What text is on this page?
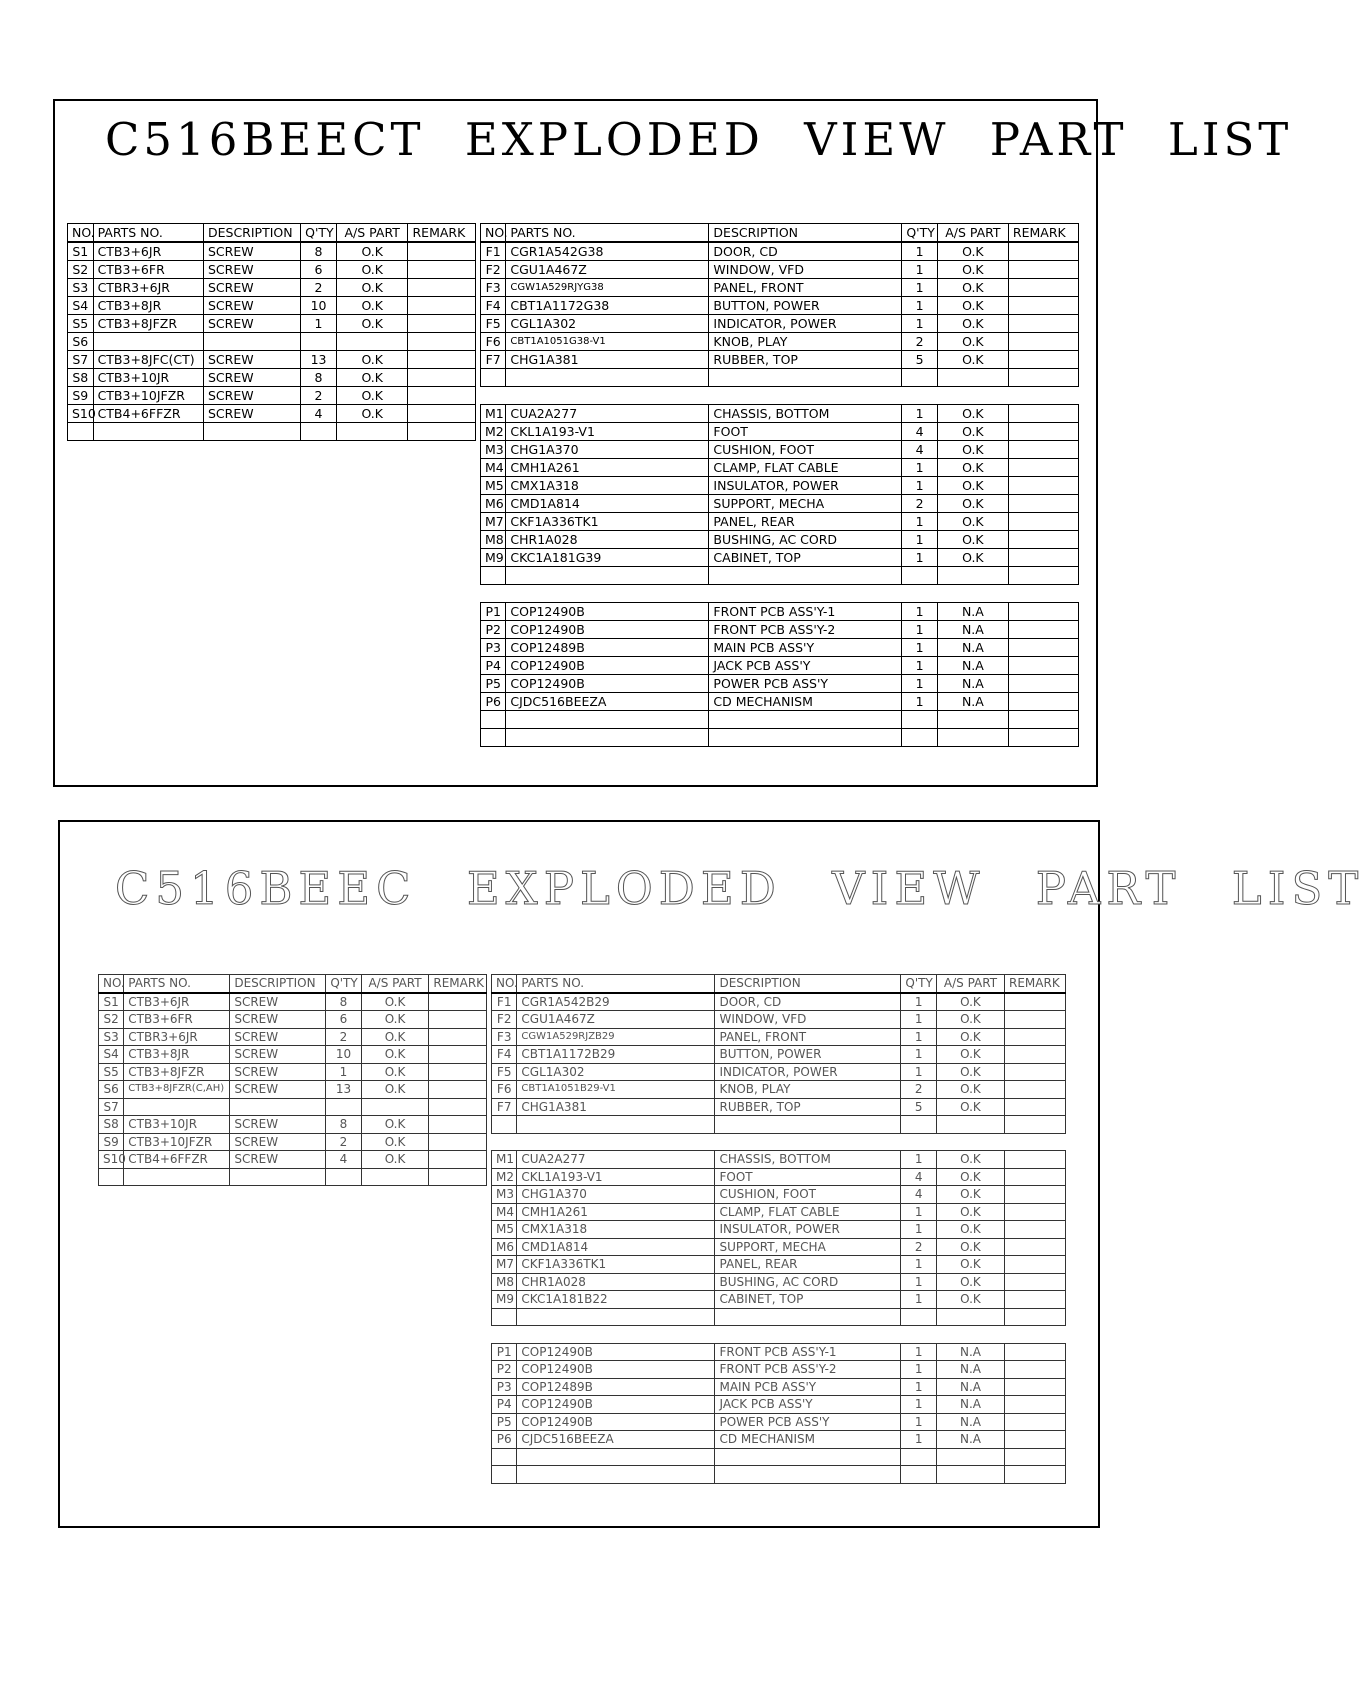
C516BEECT EXPLODED VIEW PART LIST
NO.	PARTS NO.	DESCRIPTION	Q'TY	A/S PART	REMARK
S1	CTB3+6JR	SCREW	8	O.K	
S2	CTB3+6FR	SCREW	6	O.K	
S3	CTBR3+6JR	SCREW	2	O.K	
S4	CTB3+8JR	SCREW	10	O.K	
S5	CTB3+8JFZR	SCREW	1	O.K	
S6					
S7	CTB3+8JFC(CT)	SCREW	13	O.K	
S8	CTB3+10JR	SCREW	8	O.K	
S9	CTB3+10JFZR	SCREW	2	O.K	
S10	CTB4+6FFZR	SCREW	4	O.K	

NO.	PARTS NO.	DESCRIPTION	Q'TY	A/S PART	REMARK
F1	CGR1A542G38	DOOR, CD	1	O.K	
F2	CGU1A467Z	WINDOW, VFD	1	O.K	
F3	CGW1A529RJYG38	PANEL, FRONT	1	O.K	
F4	CBT1A1172G38	BUTTON, POWER	1	O.K	
F5	CGL1A302	INDICATOR, POWER	1	O.K	
F6	CBT1A1051G38-V1	KNOB, PLAY	2	O.K	
F7	CHG1A381	RUBBER, TOP	5	O.K	

M1	CUA2A277	CHASSIS, BOTTOM	1	O.K	
M2	CKL1A193-V1	FOOT	4	O.K	
M3	CHG1A370	CUSHION, FOOT	4	O.K	
M4	CMH1A261	CLAMP, FLAT CABLE	1	O.K	
M5	CMX1A318	INSULATOR, POWER	1	O.K	
M6	CMD1A814	SUPPORT, MECHA	2	O.K	
M7	CKF1A336TK1	PANEL, REAR	1	O.K	
M8	CHR1A028	BUSHING, AC CORD	1	O.K	
M9	CKC1A181G39	CABINET, TOP	1	O.K	

P1	COP12490B	FRONT PCB ASS'Y-1	1	N.A	
P2	COP12490B	FRONT PCB ASS'Y-2	1	N.A	
P3	COP12489B	MAIN PCB ASS'Y	1	N.A	
P4	COP12490B	JACK PCB ASS'Y	1	N.A	
P5	COP12490B	POWER PCB ASS'Y	1	N.A	
P6	CJDC516BEEZA	CD MECHANISM	1	N.A	

C516BEEC EXPLODED VIEW PART LIST
NO.	PARTS NO.	DESCRIPTION	Q'TY	A/S PART	REMARK
S1	CTB3+6JR	SCREW	8	O.K	
S2	CTB3+6FR	SCREW	6	O.K	
S3	CTBR3+6JR	SCREW	2	O.K	
S4	CTB3+8JR	SCREW	10	O.K	
S5	CTB3+8JFZR	SCREW	1	O.K	
S6	CTB3+8JFZR(C,AH)	SCREW	13	O.K	
S7					
S8	CTB3+10JR	SCREW	8	O.K	
S9	CTB3+10JFZR	SCREW	2	O.K	
S10	CTB4+6FFZR	SCREW	4	O.K	

NO.	PARTS NO.	DESCRIPTION	Q'TY	A/S PART	REMARK
F1	CGR1A542B29	DOOR, CD	1	O.K	
F2	CGU1A467Z	WINDOW, VFD	1	O.K	
F3	CGW1A529RJZB29	PANEL, FRONT	1	O.K	
F4	CBT1A1172B29	BUTTON, POWER	1	O.K	
F5	CGL1A302	INDICATOR, POWER	1	O.K	
F6	CBT1A1051B29-V1	KNOB, PLAY	2	O.K	
F7	CHG1A381	RUBBER, TOP	5	O.K	

M1	CUA2A277	CHASSIS, BOTTOM	1	O.K	
M2	CKL1A193-V1	FOOT	4	O.K	
M3	CHG1A370	CUSHION, FOOT	4	O.K	
M4	CMH1A261	CLAMP, FLAT CABLE	1	O.K	
M5	CMX1A318	INSULATOR, POWER	1	O.K	
M6	CMD1A814	SUPPORT, MECHA	2	O.K	
M7	CKF1A336TK1	PANEL, REAR	1	O.K	
M8	CHR1A028	BUSHING, AC CORD	1	O.K	
M9	CKC1A181B22	CABINET, TOP	1	O.K	

P1	COP12490B	FRONT PCB ASS'Y-1	1	N.A	
P2	COP12490B	FRONT PCB ASS'Y-2	1	N.A	
P3	COP12489B	MAIN PCB ASS'Y	1	N.A	
P4	COP12490B	JACK PCB ASS'Y	1	N.A	
P5	COP12490B	POWER PCB ASS'Y	1	N.A	
P6	CJDC516BEEZA	CD MECHANISM	1	N.A	
